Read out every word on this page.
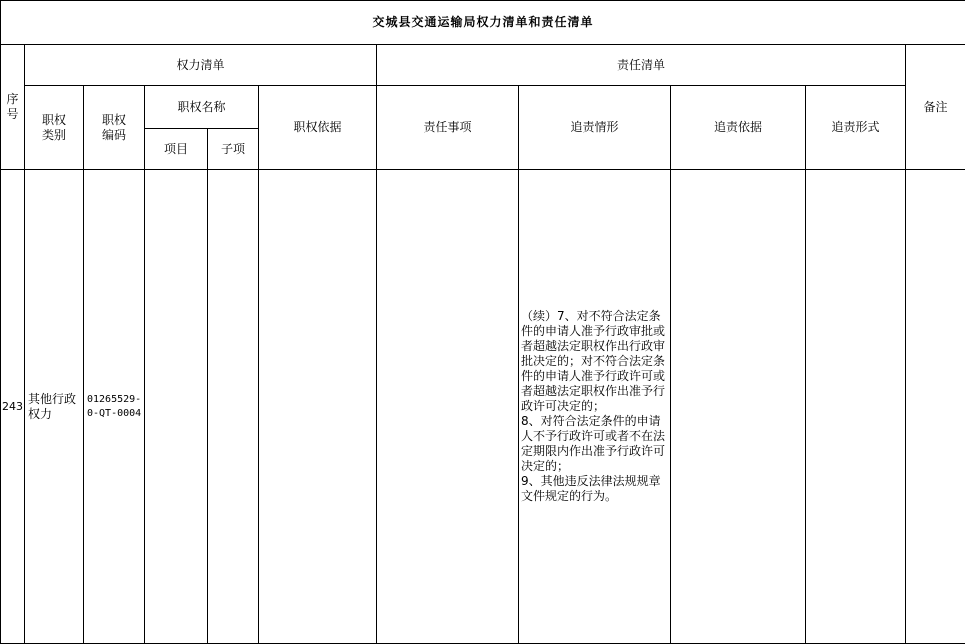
交城县交通运输局权力清单和责任清单										
序号	权力清单					责任清单				备注
	职权类别	职权编码	职权名称		职权依据	责任事项	追责情形	追责依据	追责形式	
			项目	子项						
243	其他行政权力	01265529-0-QT-0004					（续）7、对不符合法定条件的申请人准予行政审批或者超越法定职权作出行政审批决定的；对不符合法定条件的申请人准予行政许可或者超越法定职权作出准予行政许可决定的；
8、对符合法定条件的申请人不予行政许可或者不在法定期限内作出准予行政许可决定的；
9、其他违反法律法规规章文件规定的行为。			
